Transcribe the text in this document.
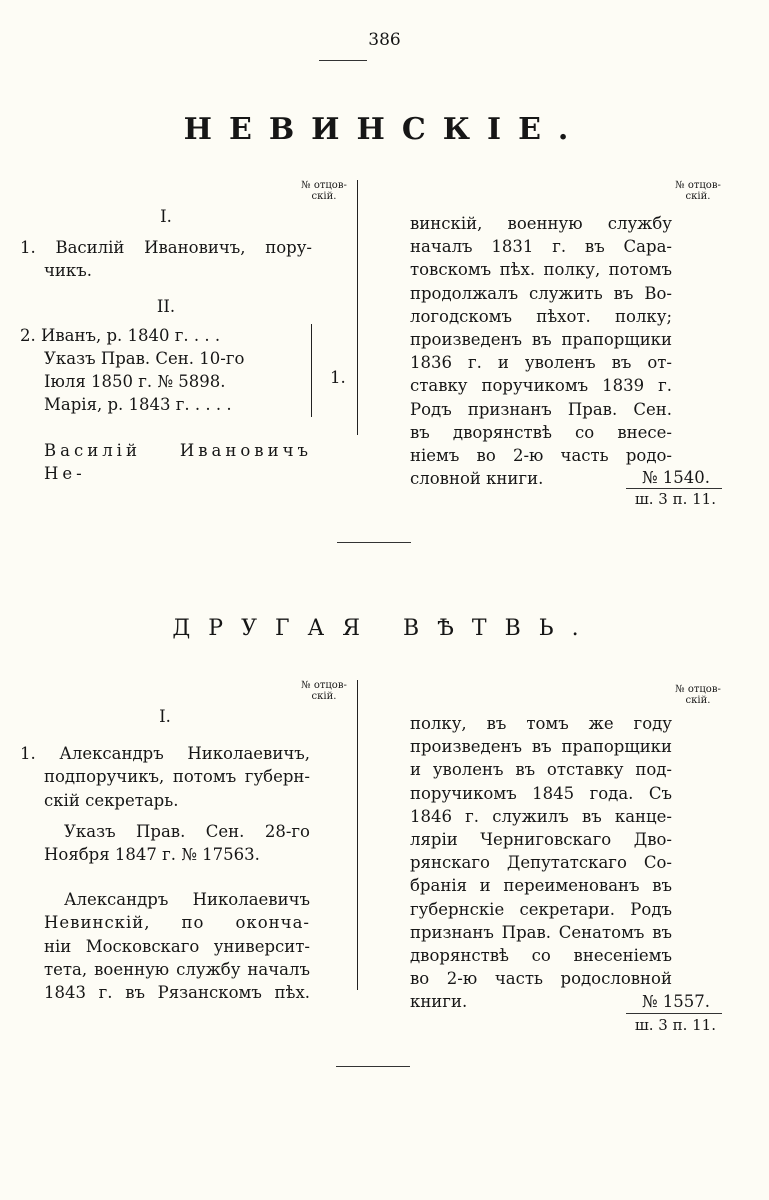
386
НЕВИНСКІЕ.
№ отцов-
скій.

I.

1. Василій Ивановичъ, пору-

чикъ.

II.

2. Иванъ, р. 1840 г. . . .

Указъ Прав. Сен. 10-го

Іюля 1850 г. № 5898.

Марія, р. 1843 г. . . . .

Василій Ивановичъ Не-

1.
№ отцов-
скій.

винскій, военную службу

началъ 1831 г. въ Сара-

товскомъ пѣх. полку, потомъ

продолжалъ служить въ Во-

логодскомъ пѣхот. полку;

произведенъ въ прапорщики

1836 г. и уволенъ въ от-

ставку поручикомъ 1839 г.

Родъ признанъ Прав. Сен.

въ дворянствѣ со внесе-

ніемъ во 2-ю часть родо-

словной книги.	№ 1540.
ш. 3 п. 11.
ДРУГАЯ ВѢТВЬ.
№ отцов-
скій.

I.

1. Александръ Николаевичъ,

подпоручикъ, потомъ губерн-

скій секретарь.

Указъ Прав. Сен. 28-го

Ноября 1847 г. № 17563.

Александръ Николаевичъ

Невинскій, по оконча-

ніи Московскаго университ-

тета, военную службу началъ

1843 г. въ Рязанскомъ пѣх.

№ отцов-
скій.

полку, въ томъ же году

произведенъ въ прапорщики

и уволенъ въ отставку под-

поручикомъ 1845 года. Съ

1846 г. служилъ въ канце-

ляріи Черниговскаго Дво-

рянскаго Депутатскаго Со-

бранія и переименованъ въ

губернскіе секретари. Родъ

признанъ Прав. Сенатомъ въ

дворянствѣ со внесеніемъ

во 2-ю часть родословной

книги.	№ 1557.
ш. 3 п. 11.
